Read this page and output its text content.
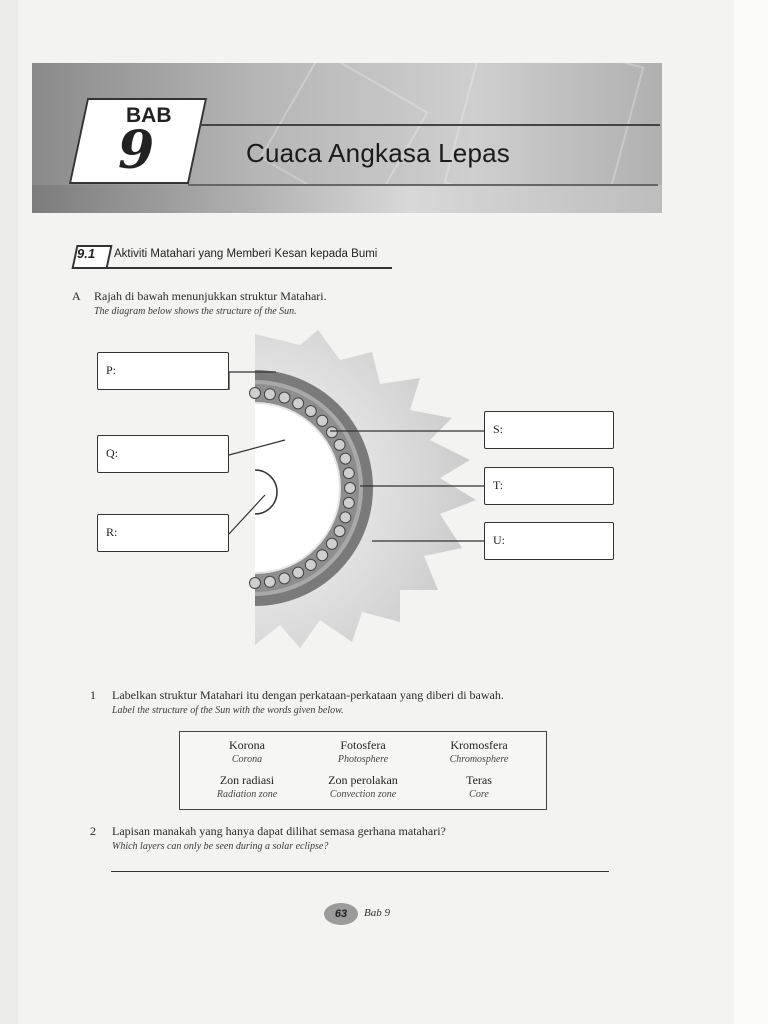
BAB
9	Cuaca Angkasa Lepas
9.1 Aktiviti Matahari yang Memberi Kesan kepada Bumi
A Rajah di bawah menunjukkan struktur Matahari.
The diagram below shows the structure of the Sun.
P:
Q:
R:
S:
T:
U:
1 Labelkan struktur Matahari itu dengan perkataan-perkataan yang diberi di bawah.
Label the structure of the Sun with the words given below.
Korona
Corona
Fotosfera
Photosphere
Kromosfera
Chromosphere
Zon radiasi
Radiation zone
Zon perolakan
Convection zone
Teras
Core
2 Lapisan manakah yang hanya dapat dilihat semasa gerhana matahari?
Which layers can only be seen during a solar eclipse?
63	Bab 9
